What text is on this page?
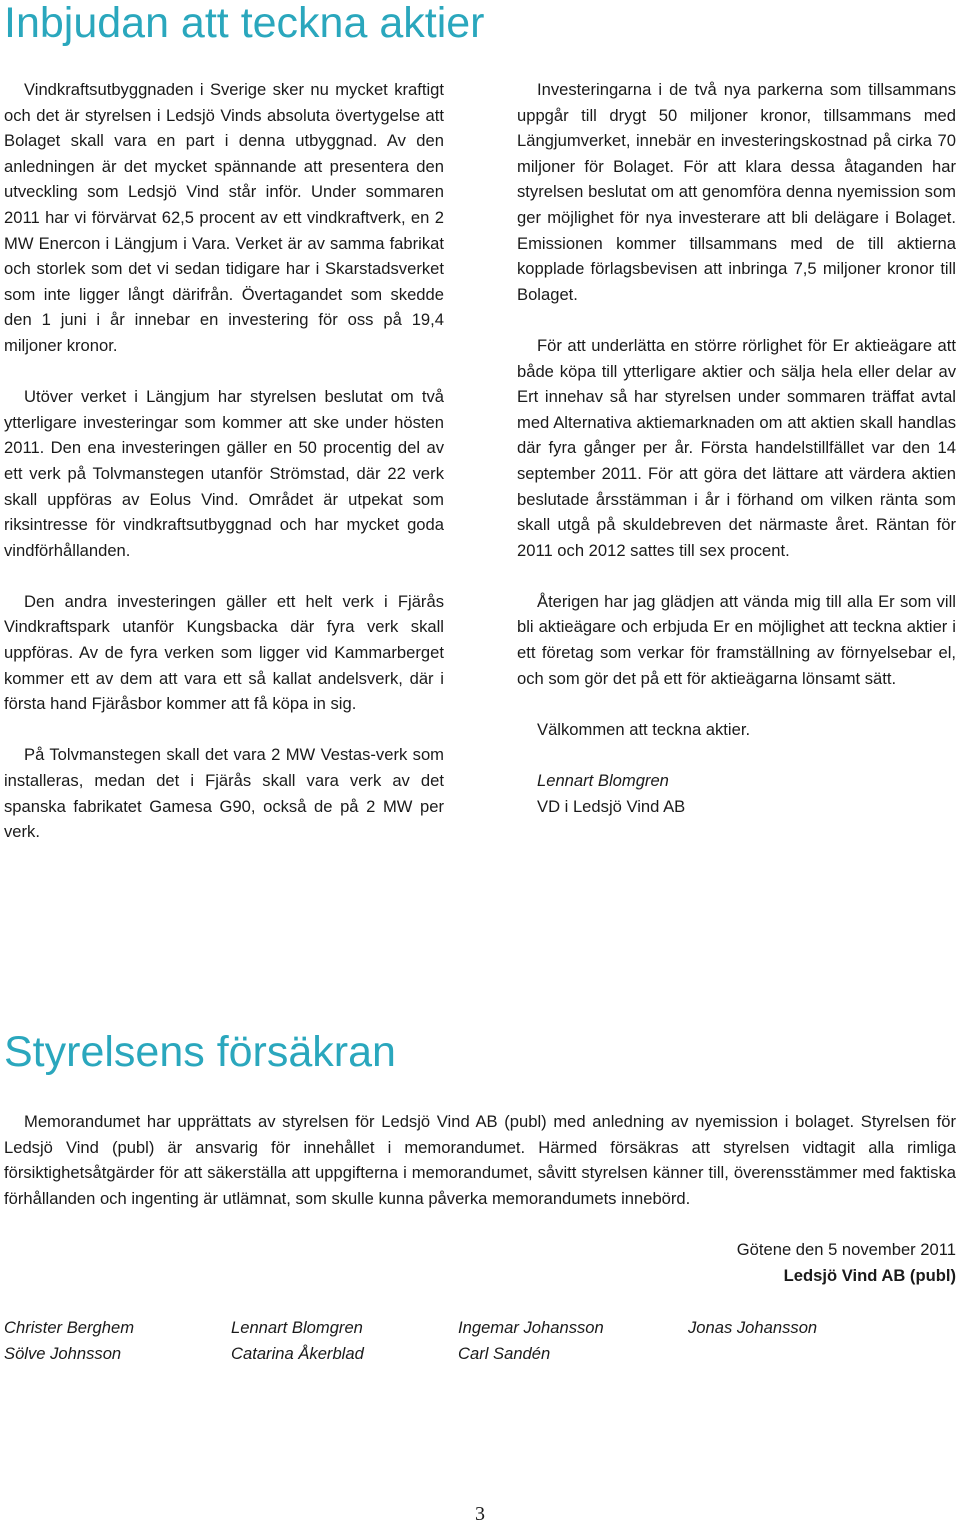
Inbjudan att teckna aktier

Vindkraftsutbyggnaden i Sverige sker nu mycket kraftigt och det är styrelsen i Ledsjö Vinds absoluta övertygelse att Bolaget skall vara en part i denna utbyggnad. Av den anledningen är det mycket spännande att presentera den utveckling som Ledsjö Vind står inför. Under sommaren 2011 har vi förvärvat 62,5 procent av ett vindkraftverk, en 2 MW Enercon i Längjum i Vara. Verket är av samma fabrikat och storlek som det vi sedan tidigare har i Skarstadsverket som inte ligger långt därifrån. Övertagandet som skedde den 1 juni i år innebar en investering för oss på 19,4 miljoner kronor.

Utöver verket i Längjum har styrelsen beslutat om två ytterligare investeringar som kommer att ske under hösten 2011. Den ena investeringen gäller en 50 procentig del av ett verk på Tolvmanstegen utanför Strömstad, där 22 verk skall uppföras av Eolus Vind. Området är utpekat som riksintresse för vindkraftsutbyggnad och har mycket goda vindförhållanden.

Den andra investeringen gäller ett helt verk i Fjärås Vindkraftspark utanför Kungsbacka där fyra verk skall uppföras. Av de fyra verken som ligger vid Kammarberget kommer ett av dem att vara ett så kallat andelsverk, där i första hand Fjäråsbor kommer att få köpa in sig.

På Tolvmanstegen skall det vara 2 MW Vestas-verk som installeras, medan det i Fjärås skall vara verk av det spanska fabrikatet Gamesa G90, också de på 2 MW per verk.

Investeringarna i de två nya parkerna som tillsammans uppgår till drygt 50 miljoner kronor, tillsammans med Längjumverket, innebär en investeringskostnad på cirka 70 miljoner för Bolaget. För att klara dessa åtaganden har styrelsen beslutat om att genomföra denna nyemission som ger möjlighet för nya investerare att bli delägare i Bolaget. Emissionen kommer tillsammans med de till aktierna kopplade förlagsbevisen att inbringa 7,5 miljoner kronor till Bolaget.

För att underlätta en större rörlighet för Er aktieägare att både köpa till ytterligare aktier och sälja hela eller delar av Ert innehav så har styrelsen under sommaren träffat avtal med Alternativa aktiemarknaden om att aktien skall handlas där fyra gånger per år. Första handelstillfället var den 14 september 2011. För att göra det lättare att värdera aktien beslutade årsstämman i år i förhand om vilken ränta som skall utgå på skuldebreven det närmaste året. Räntan för 2011 och 2012 sattes till sex procent.

Återigen har jag glädjen att vända mig till alla Er som vill bli aktieägare och erbjuda Er en möjlighet att teckna aktier i ett företag som verkar för framställning av förnyelsebar el, och som gör det på ett för aktieägarna lönsamt sätt.

Välkommen att teckna aktier.

Lennart Blomgren
VD i Ledsjö Vind AB

Styrelsens försäkran

Memorandumet har upprättats av styrelsen för Ledsjö Vind AB (publ) med anledning av nyemission i bolaget. Styrelsen för Ledsjö Vind (publ) är ansvarig för innehållet i memorandumet. Härmed försäkras att styrelsen vidtagit alla rimliga försiktighetsåtgärder för att säkerställa att uppgifterna i memorandumet, såvitt styrelsen känner till, överensstämmer med faktiska förhållanden och ingenting är utlämnat, som skulle kunna påverka memorandumets innebörd.

Götene den 5 november 2011
Ledsjö Vind AB (publ)
Christer Berghem
Sölve Johnsson
Lennart Blomgren
Catarina Åkerblad
Ingemar Johansson
Carl Sandén
Jonas Johansson
3
